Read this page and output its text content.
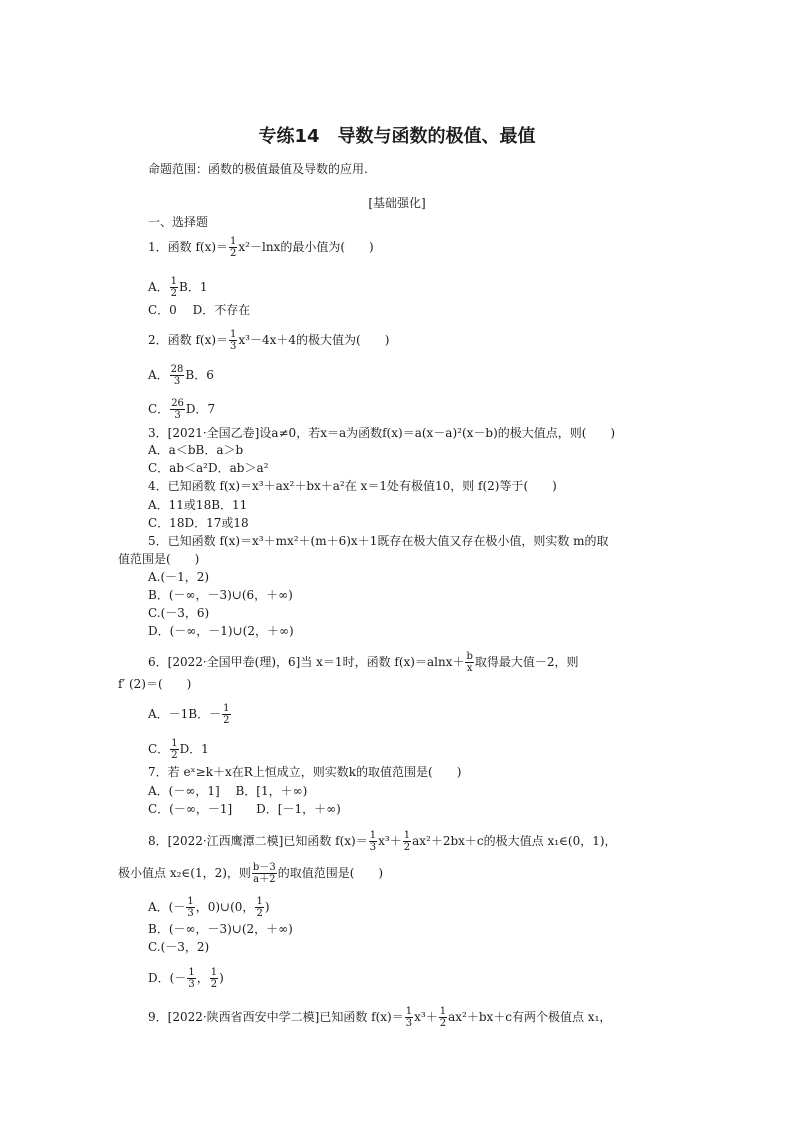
专练14　导数与函数的极值、最值
命题范围：函数的极值最值及导数的应用.
[基础强化]
一、选择题
1．函数 $f(x)= \frac{1}{2} x^2-\ln x$的最小值为(　　)
A． $\frac{1}{2}$ B．1
C．0　 D．不存在
2．函数 $f(x)= \frac{1}{3} x^3-4x+4$的极大值为(　　)
A． $\frac{28}{3}$ B．6
C． $\frac{26}{3}$ D．7
3．[2021·全国乙卷]设a≠0，若x＝a为函数f(x)＝a(x－a)²(x－b)的极大值点，则(　　)
A．a＜bB．a＞b
C．ab＜a²D．ab＞a²
4．已知函数 f(x)＝x³＋ax²＋bx＋a²在 x＝1处有极值10，则 f(2)等于(　　)
A．11或18B．11
C．18D．17或18
5．已知函数 f(x)＝x³＋mx²＋(m＋6)x＋1既存在极大值又存在极小值，则实数 m的取
值范围是(　　)
A.(－1，2)
B．(－∞，－3)∪(6，＋∞)
C.(－3，6)
D．(－∞，－1)∪(2，＋∞)
6．[2022·全国甲卷(理)，6]当 x＝1时，函数 $f(x)=alnx+ \frac{b}{x}$ 取得最大值－2，则
f′ (2)＝(　　)
A．－1B．－ $\frac{1}{2}$
C． $\frac{1}{2}$ D．1
7．若 eˣ≥k＋x在R上恒成立，则实数k的取值范围是(　　)
A．(－∞，1]　 B．[1，＋∞)
C．(－∞，－1]　　D．[－1，＋∞)
8．[2022·江西鹰潭二模]已知函数 $f(x)= \frac{1}{3} x^3+ \frac{1}{2} ax^2+2bx+c$的极大值点 x₁∈(0，1)，
极小值点 x₂∈(1，2)，则 $\frac{b-3}{a+2}$ 的取值范围是(　　)
A．(－ $\frac{1}{3}$ ，0)∪(0， $\frac{1}{2}$ )
B．(－∞，－3)∪(2，＋∞)
C.(－3，2)
D．(－ $\frac{1}{3}$ ， $\frac{1}{2}$ )
9．[2022·陕西省西安中学二模]已知函数 $f(x)= \frac{1}{3} x^3+ \frac{1}{2} ax^2+bx+c$有两个极值点 x₁，
